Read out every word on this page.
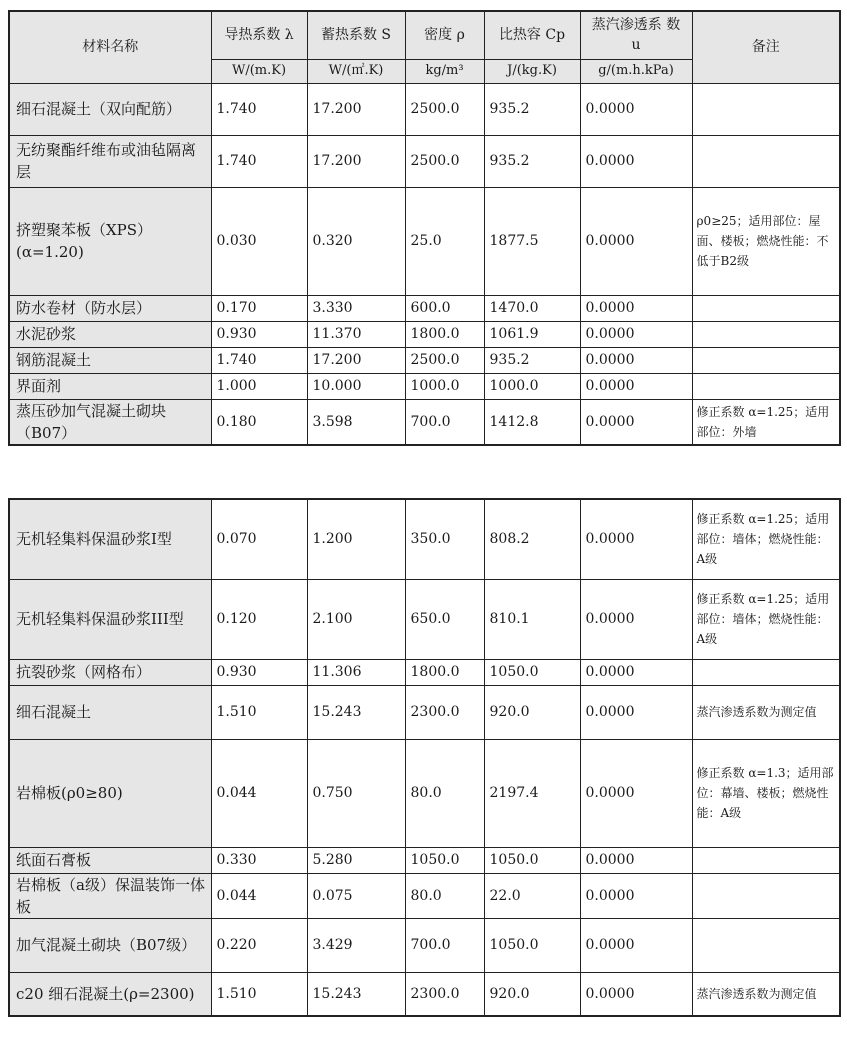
材料名称	导热系数 λ	蓄热系数 S	密度 ρ	比热容 Cp	蒸汽渗透系 数 u	备注
	W/(m.K)	W/(㎡.K)	kg/m³	J/(kg.K)	g/(m.h.kPa)	
细石混凝土（双向配筋）	1.740	17.200	2500.0	935.2	0.0000	
无纺聚酯纤维布或油毡隔离层	1.740	17.200	2500.0	935.2	0.0000	
挤塑聚苯板（XPS）(α=1.20)	0.030	0.320	25.0	1877.5	0.0000	ρ0≥25；适用部位：屋面、楼板；燃烧性能：不低于B2级
防水卷材（防水层）	0.170	3.330	600.0	1470.0	0.0000	
水泥砂浆	0.930	11.370	1800.0	1061.9	0.0000	
钢筋混凝土	1.740	17.200	2500.0	935.2	0.0000	
界面剂	1.000	10.000	1000.0	1000.0	0.0000	
蒸压砂加气混凝土砌块（B07）	0.180	3.598	700.0	1412.8	0.0000	修正系数 α=1.25；适用部位：外墙
无机轻集料保温砂浆I型	0.070	1.200	350.0	808.2	0.0000	修正系数 α=1.25；适用部位：墙体；燃烧性能：A级
无机轻集料保温砂浆III型	0.120	2.100	650.0	810.1	0.0000	修正系数 α=1.25；适用部位：墙体；燃烧性能：A级
抗裂砂浆（网格布）	0.930	11.306	1800.0	1050.0	0.0000	
细石混凝土	1.510	15.243	2300.0	920.0	0.0000	蒸汽渗透系数为测定值
岩棉板(ρ0≥80)	0.044	0.750	80.0	2197.4	0.0000	修正系数 α=1.3；适用部位：幕墙、楼板；燃烧性能：A级
纸面石膏板	0.330	5.280	1050.0	1050.0	0.0000	
岩棉板（a级）保温装饰一体板	0.044	0.075	80.0	22.0	0.0000	
加气混凝土砌块（B07级）	0.220	3.429	700.0	1050.0	0.0000	
c20 细石混凝土(ρ=2300)	1.510	15.243	2300.0	920.0	0.0000	蒸汽渗透系数为测定值
